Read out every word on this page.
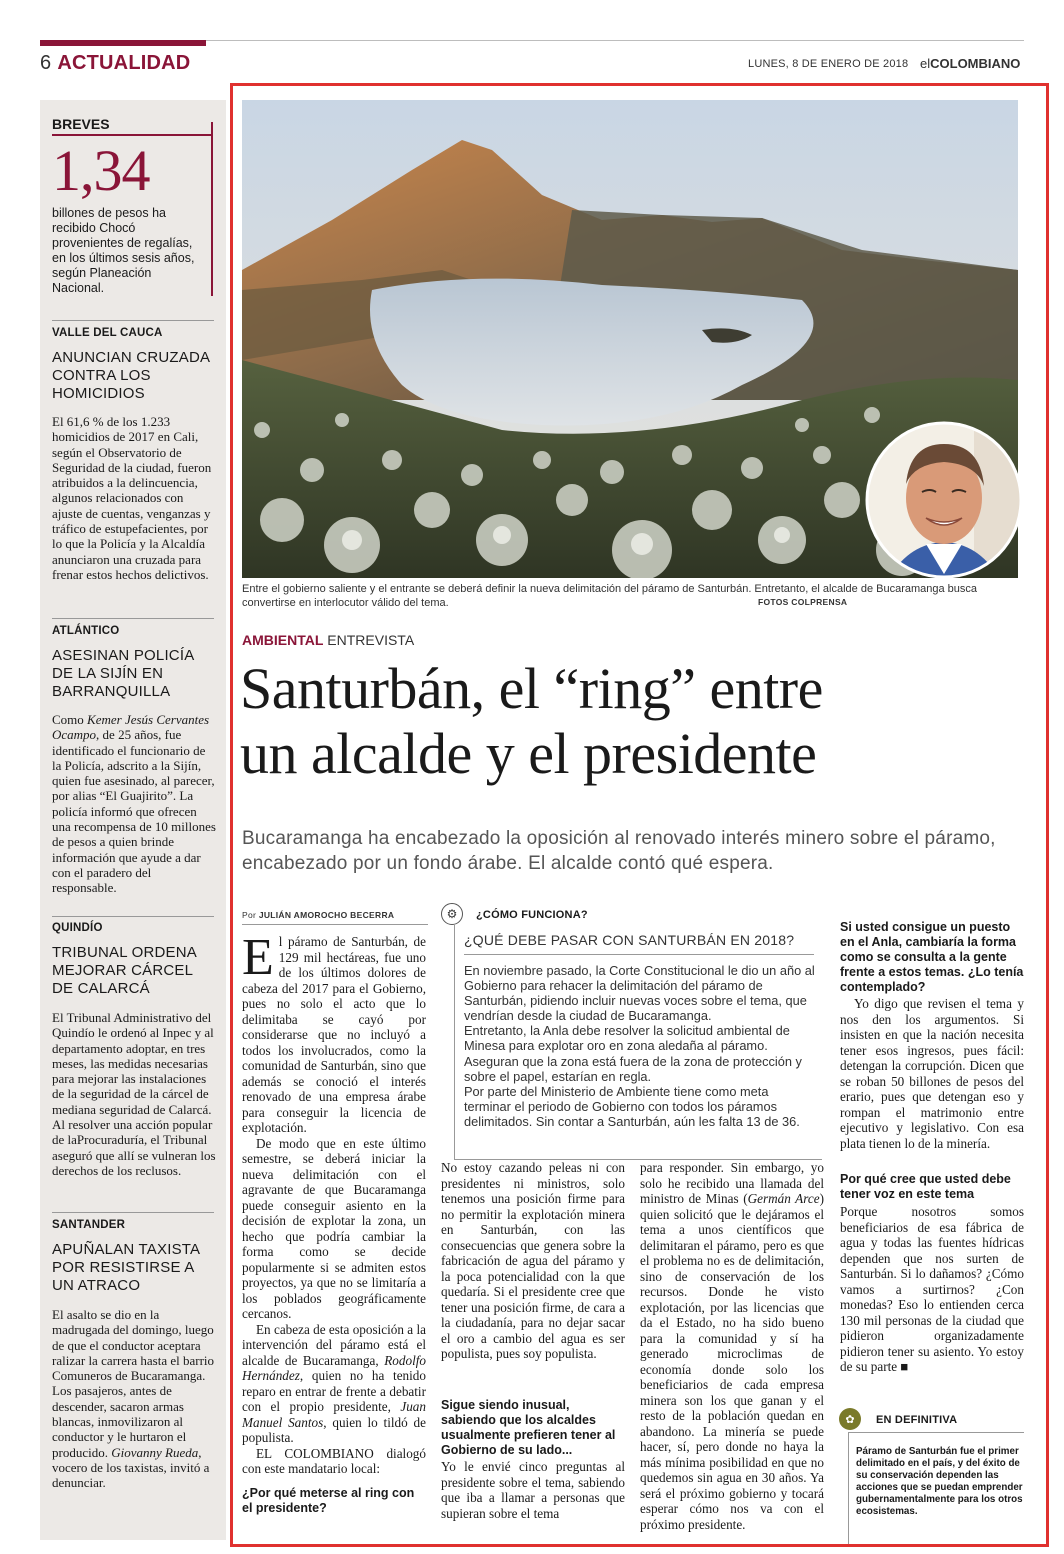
6 ACTUALIDAD	LUNES, 8 DE ENERO DE 2018 elCOLOMBIANO
BREVES
1,34
billones de pesos ha recibido Chocó provenientes de regalías, en los últimos sesis años, según Planeación Nacional.
VALLE DEL CAUCA
ANUNCIAN CRUZADA CONTRA LOS HOMICIDIOS
El 61,6 % de los 1.233 homicidios de 2017 en Cali, según el Observatorio de Seguridad de la ciudad, fueron atribuidos a la delincuencia, algunos relacionados con ajuste de cuentas, venganzas y tráfico de estupefacientes, por lo que la Policía y la Alcaldía anunciaron una cruzada para frenar estos hechos delictivos.
ATLÁNTICO
ASESINAN POLICÍA DE LA SIJÍN EN BARRANQUILLA
Como Kemer Jesús Cervantes Ocampo, de 25 años, fue identificado el funcionario de la Policía, adscrito a la Sijín, quien fue asesinado, al parecer, por alias “El Guajirito”. La policía informó que ofrecen una recompensa de 10 millones de pesos a quien brinde información que ayude a dar con el paradero del responsable.
QUINDÍO
TRIBUNAL ORDENA MEJORAR CÁRCEL DE CALARCÁ
El Tribunal Administrativo del Quindío le ordenó al Inpec y al departamento adoptar, en tres meses, las medidas necesarias para mejorar las instalaciones de la seguridad de la cárcel de mediana seguridad de Calarcá. Al resolver una acción popular de laProcuraduría, el Tribunal aseguró que allí se vulneran los derechos de los reclusos.
SANTANDER
APUÑALAN TAXISTA POR RESISTIRSE A UN ATRACO
El asalto se dio en la madrugada del domingo, luego de que el conductor aceptara ralizar la carrera hasta el barrio Comuneros de Bucaramanga. Los pasajeros, antes de descender, sacaron armas blancas, inmovilizaron al conductor y le hurtaron el producido. Giovanny Rueda, vocero de los taxistas, invitó a denunciar.
Entre el gobierno saliente y el entrante se deberá definir la nueva delimitación del páramo de Santurbán. Entretanto, el alcalde de Bucaramanga busca convertirse en interlocutor válido del tema.	FOTOS COLPRENSA
AMBIENTAL ENTREVISTA
Santurbán, el “ring” entre
un alcalde y el presidente
Bucaramanga ha encabezado la oposición al renovado interés minero sobre el páramo, encabezado por un fondo árabe. El alcalde contó qué espera.
Por JULIÁN AMOROCHO BECERRA

El páramo de Santurbán, de 129 mil hectáreas, fue uno de los últimos dolores de cabeza del 2017 para el Gobierno, pues no solo el acto que lo delimitaba se cayó por considerarse que no incluyó a todos los involucrados, como la comunidad de Santurbán, sino que además se conoció el interés renovado de una empresa árabe para conseguir la licencia de explotación.

De modo que en este último semestre, se deberá iniciar la nueva delimitación con el agravante de que Bucaramanga puede conseguir asiento en la decisión de explotar la zona, un hecho que podría cambiar la forma como se decide popularmente si se admiten estos proyectos, ya que no se limitaría a los poblados geográficamente cercanos.

En cabeza de esta oposición a la intervención del páramo está el alcalde de Bucaramanga, Rodolfo Hernández, quien no ha tenido reparo en entrar de frente a debatir con el propio presidente, Juan Manuel Santos, quien lo tildó de populista.

EL COLOMBIANO dialogó con este mandatario local:

¿Por qué meterse al ring con el presidente?
⚙	¿CÓMO FUNCIONA?
¿QUÉ DEBE PASAR CON SANTURBÁN EN 2018?
En noviembre pasado, la Corte Constitucional le dio un año al Gobierno para rehacer la delimitación del páramo de Santurbán, pidiendo incluir nuevas voces sobre el tema, que vendrían desde la ciudad de Bucaramanga.
Entretanto, la Anla debe resolver la solicitud ambiental de Minesa para explotar oro en zona aledaña al páramo. Aseguran que la zona está fuera de la zona de protección y sobre el papel, estarían en regla.
Por parte del Ministerio de Ambiente tiene como meta terminar el periodo de Gobierno con todos los páramos delimitados. Sin contar a Santurbán, aún les falta 13 de 36.

No estoy cazando peleas ni con presidentes ni ministros, solo tenemos una posición firme para no permitir la explotación minera en Santurbán, con las consecuencias que genera sobre la fabricación de agua del páramo y la poca potencialidad con la que quedaría. Si el presidente cree que tener una posición firme, de cara a la ciudadanía, para no dejar sacar el oro a cambio del agua es ser populista, pues soy populista.

Sigue siendo inusual, sabiendo que los alcaldes usualmente prefieren tener al Gobierno de su lado...

Yo le envié cinco preguntas al presidente sobre el tema, sabiendo que iba a llamar a personas que supieran sobre el tema

para responder. Sin embargo, yo solo he recibido una llamada del ministro de Minas (Germán Arce) quien solicitó que le dejáramos el tema a unos científicos que delimitaran el páramo, pero es que el problema no es de delimitación, sino de conservación de los recursos. Donde he visto explotación, por las licencias que da el Estado, no ha sido bueno para la comunidad y sí ha generado microclimas de economía donde solo los beneficiarios de cada empresa minera son los que ganan y el resto de la población quedan en abandono. La minería se puede hacer, sí, pero donde no haya la más mínima posibilidad en que no quedemos sin agua en 30 años. Ya será el próximo gobierno y tocará esperar cómo nos va con el próximo presidente.

Si usted consigue un puesto en el Anla, cambiaría la forma como se consulta a la gente frente a estos temas. ¿Lo tenía contemplado?

Yo digo que revisen el tema y nos den los argumentos. Si insisten en que la nación necesita tener esos ingresos, pues fácil: detengan la corrupción. Dicen que se roban 50 billones de pesos del erario, pues que detengan eso y rompan el matrimonio entre ejecutivo y legislativo. Con esa plata tienen lo de la minería.

Por qué cree que usted debe tener voz en este tema

Porque nosotros somos beneficiarios de esa fábrica de agua y todas las fuentes hídricas dependen que nos surten de Santurbán. Si lo dañamos? ¿Cómo vamos a surtirnos? ¿Con monedas? Eso lo entienden cerca 130 mil personas de la ciudad que pidieron organizadamente pidieron tener su asiento. Yo estoy de su parte ■

✿	EN DEFINITIVA
Páramo de Santurbán fue el primer delimitado en el país, y del éxito de su conservación dependen las acciones que se puedan emprender gubernamentalmente para los otros ecosistemas.
